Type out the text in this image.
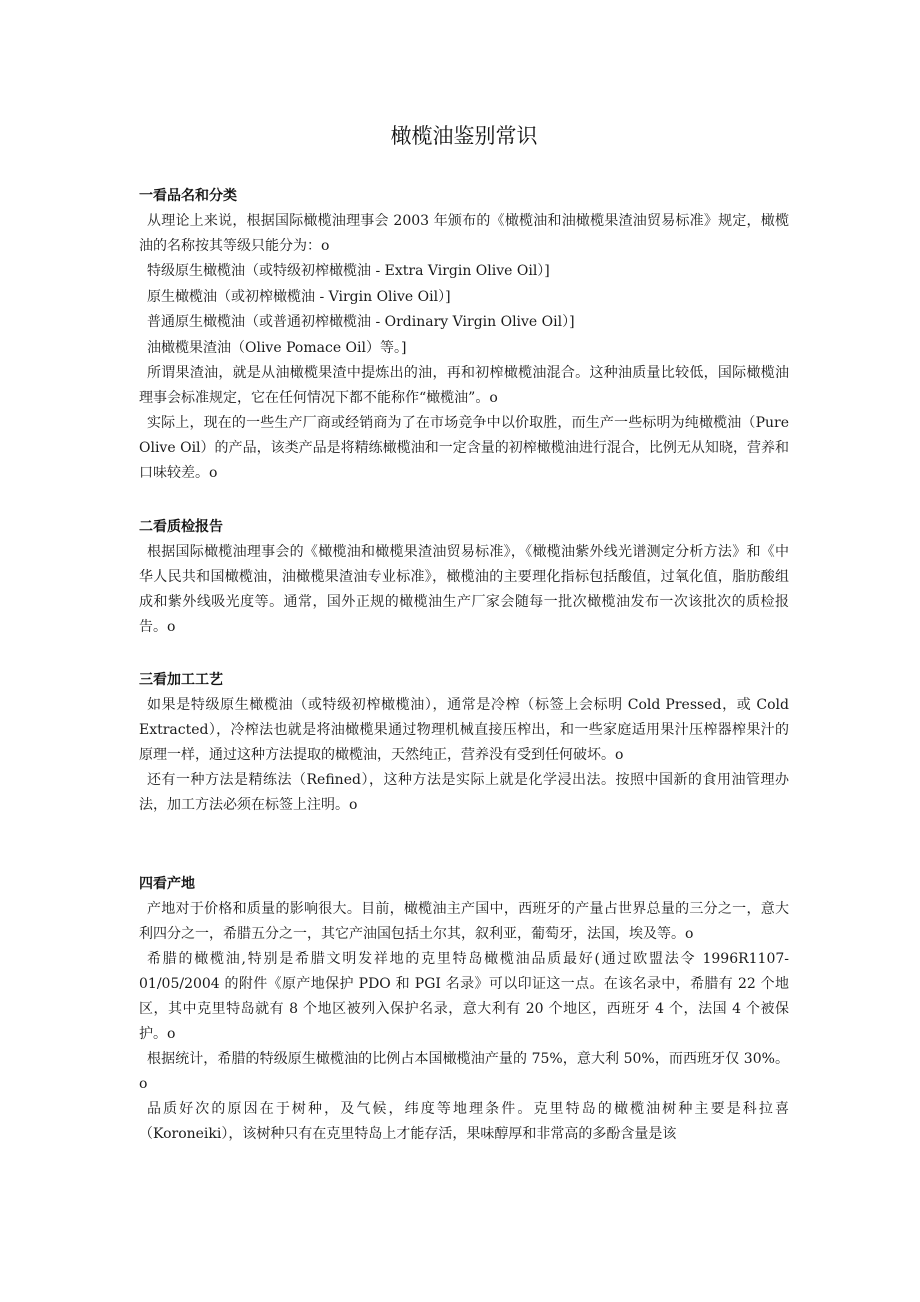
橄榄油鉴别常识
一看品名和分类
从理论上来说，根据国际橄榄油理事会 2003 年颁布的《橄榄油和油橄榄果渣油贸易标准》规定，橄榄油的名称按其等级只能分为：o
特级原生橄榄油（或特级初榨橄榄油 - Extra Virgin Olive Oil）]
原生橄榄油（或初榨橄榄油 - Virgin Olive Oil）]
普通原生橄榄油（或普通初榨橄榄油 - Ordinary Virgin Olive Oil）]
油橄榄果渣油（Olive Pomace Oil）等。]
所谓果渣油，就是从油橄榄果渣中提炼出的油，再和初榨橄榄油混合。这种油质量比较低，国际橄榄油理事会标准规定，它在任何情况下都不能称作“橄榄油”。o
实际上，现在的一些生产厂商或经销商为了在市场竞争中以价取胜，而生产一些标明为纯橄榄油（Pure Olive Oil）的产品，该类产品是将精练橄榄油和一定含量的初榨橄榄油进行混合，比例无从知晓，营养和口味较差。o
二看质检报告
根据国际橄榄油理事会的《橄榄油和橄榄果渣油贸易标准》，《橄榄油紫外线光谱测定分析方法》和《中华人民共和国橄榄油，油橄榄果渣油专业标准》，橄榄油的主要理化指标包括酸值，过氧化值，脂肪酸组成和紫外线吸光度等。通常，国外正规的橄榄油生产厂家会随每一批次橄榄油发布一次该批次的质检报告。o
三看加工工艺
如果是特级原生橄榄油（或特级初榨橄榄油），通常是冷榨（标签上会标明 Cold Pressed，或 Cold Extracted），冷榨法也就是将油橄榄果通过物理机械直接压榨出，和一些家庭适用果汁压榨器榨果汁的原理一样，通过这种方法提取的橄榄油，天然纯正，营养没有受到任何破坏。o
还有一种方法是精练法（Refined），这种方法是实际上就是化学浸出法。按照中国新的食用油管理办法，加工方法必须在标签上注明。o
四看产地
产地对于价格和质量的影响很大。目前，橄榄油主产国中，西班牙的产量占世界总量的三分之一，意大利四分之一，希腊五分之一，其它产油国包括土尔其，叙利亚，葡萄牙，法国，埃及等。o
希腊的橄榄油,特别是希腊文明发祥地的克里特岛橄榄油品质最好(通过欧盟法令 1996R1107-01/05/2004 的附件《原产地保护 PDO 和 PGI 名录》可以印证这一点。在该名录中，希腊有 22 个地区，其中克里特岛就有 8 个地区被列入保护名录，意大利有 20 个地区，西班牙 4 个，法国 4 个被保护。o
根据统计，希腊的特级原生橄榄油的比例占本国橄榄油产量的 75%，意大利 50%，而西班牙仅 30%。o
品质好次的原因在于树种，及气候，纬度等地理条件。克里特岛的橄榄油树种主要是科拉喜（Koroneiki），该树种只有在克里特岛上才能存活，果味醇厚和非常高的多酚含量是该
